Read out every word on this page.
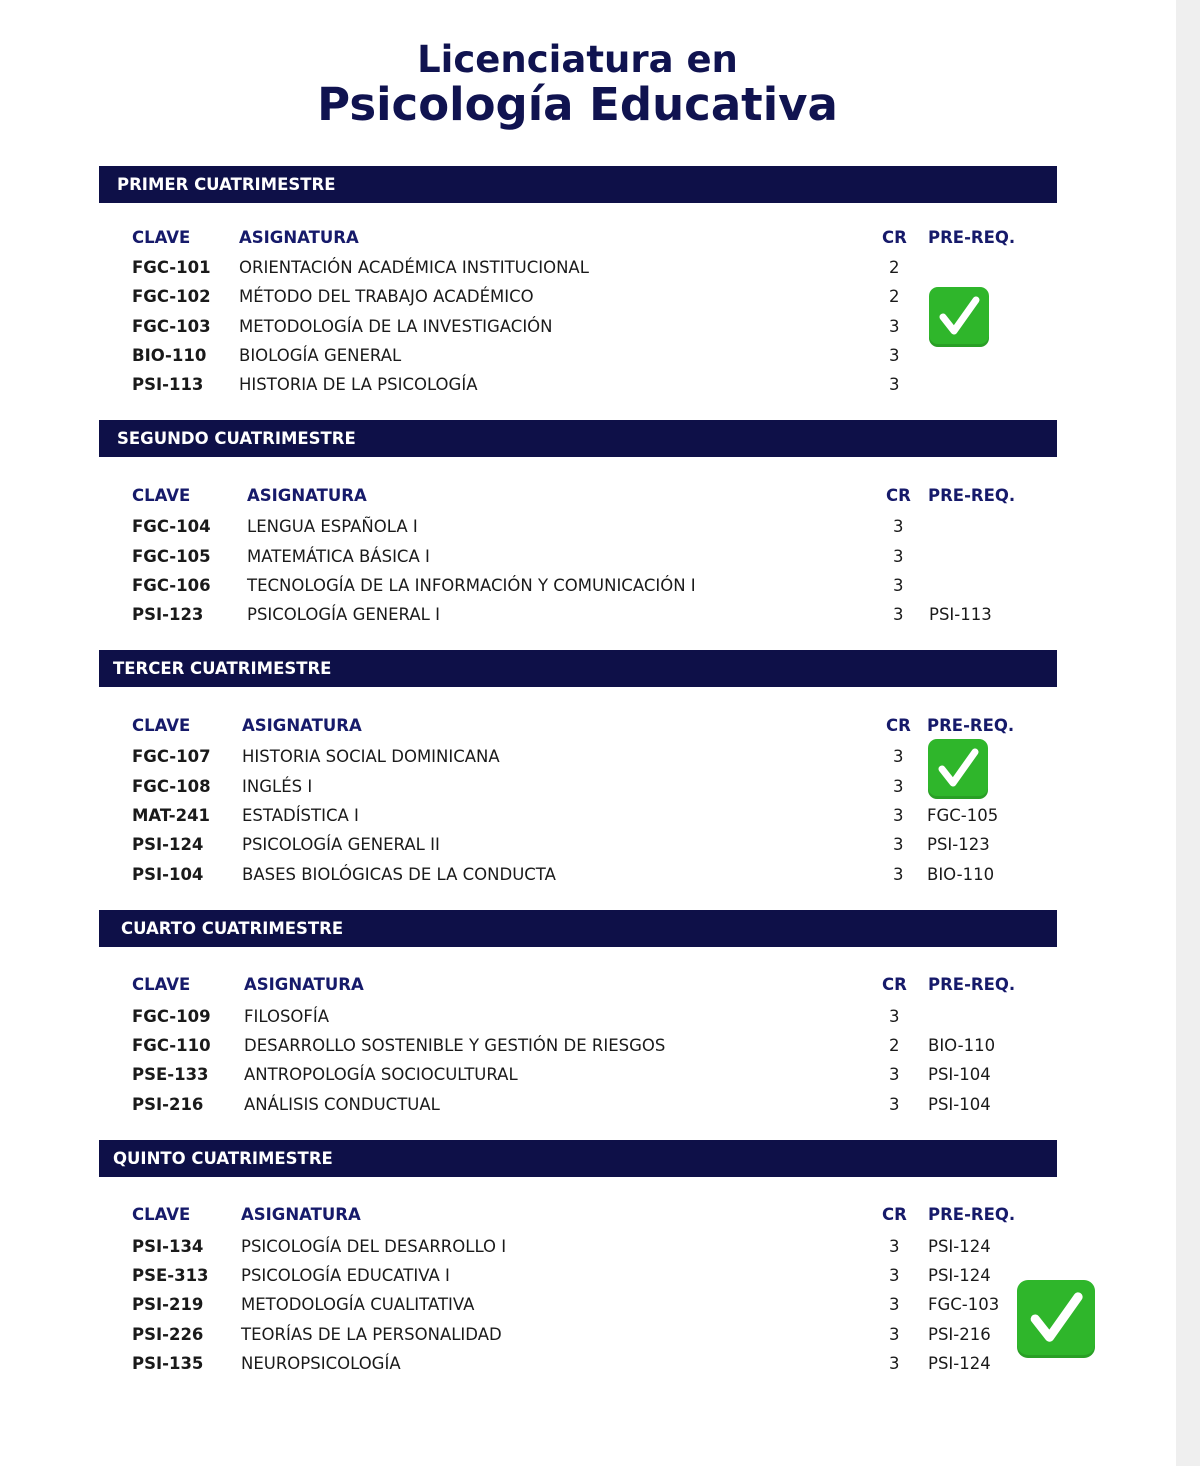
Licenciatura en
Psicología Educativa
PRIMER CUATRIMESTRE
CLAVE	ASIGNATURA	CR PRE-REQ.
FGC-101 ORIENTACIÓN ACADÉMICA INSTITUCIONAL	2
FGC-102 MÉTODO DEL TRABAJO ACADÉMICO	2
FGC-103 METODOLOGÍA DE LA INVESTIGACIÓN	3
BIO-110 BIOLOGÍA GENERAL	3
PSI-113 HISTORIA DE LA PSICOLOGÍA	3
SEGUNDO CUATRIMESTRE
CLAVE	ASIGNATURA	CR PRE-REQ.
FGC-104 LENGUA ESPAÑOLA I	3
FGC-105 MATEMÁTICA BÁSICA I	3
FGC-106 TECNOLOGÍA DE LA INFORMACIÓN Y COMUNICACIÓN I	3
PSI-123	PSICOLOGÍA GENERAL I	3 PSI-113
TERCER CUATRIMESTRE
CLAVE	ASIGNATURA	CR PRE-REQ.
FGC-107 HISTORIA SOCIAL DOMINICANA	3
FGC-108 INGLÉS I	3
MAT-241 ESTADÍSTICA I	3 FGC-105
PSI-124 PSICOLOGÍA GENERAL II	3 PSI-123
PSI-104 BASES BIOLÓGICAS DE LA CONDUCTA	3 BIO-110
CUARTO CUATRIMESTRE
CLAVE	ASIGNATURA	CR PRE-REQ.
FGC-109 FILOSOFÍA	3
FGC-110 DESARROLLO SOSTENIBLE Y GESTIÓN DE RIESGOS	2 BIO-110
PSE-133 ANTROPOLOGÍA SOCIOCULTURAL	3 PSI-104
PSI-216 ANÁLISIS CONDUCTUAL	3 PSI-104
QUINTO CUATRIMESTRE
CLAVE	ASIGNATURA	CR PRE-REQ.
PSI-134 PSICOLOGÍA DEL DESARROLLO I	3 PSI-124
PSE-313 PSICOLOGÍA EDUCATIVA I	3 PSI-124
PSI-219 METODOLOGÍA CUALITATIVA	3 FGC-103
PSI-226 TEORÍAS DE LA PERSONALIDAD	3 PSI-216
PSI-135 NEUROPSICOLOGÍA	3 PSI-124
